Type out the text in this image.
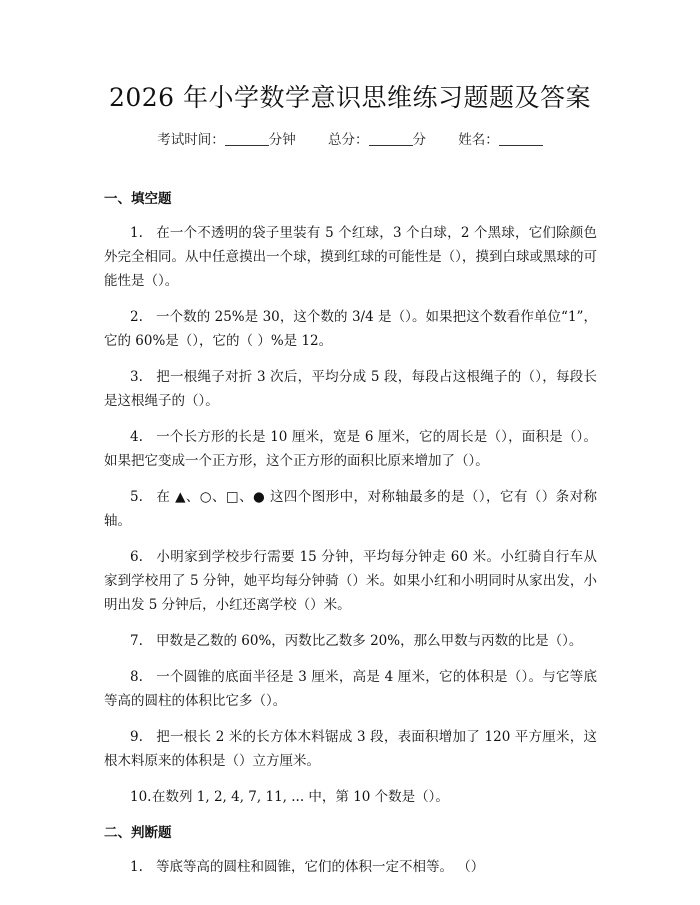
2026 年小学数学意识思维练习题题及答案
考试时间：	分钟 总分：	分 姓名：

一、填空题

1. 在一个不透明的袋子里装有 5 个红球，3 个白球，2 个黑球，它们除颜色外完全相同。从中任意摸出一个球，摸到红球的可能性是（），摸到白球或黑球的可能性是（）。

2. 一个数的 25%是 30，这个数的 3/4 是（）。如果把这个数看作单位“1”，它的 60%是（），它的（ ）%是 12。

3. 把一根绳子对折 3 次后，平均分成 5 段，每段占这根绳子的（），每段长是这根绳子的（）。

4. 一个长方形的长是 10 厘米，宽是 6 厘米，它的周长是（），面积是（）。如果把它变成一个正方形，这个正方形的面积比原来增加了（）。

5. 在 ▲、○、□、● 这四个图形中，对称轴最多的是（），它有（）条对称轴。

6. 小明家到学校步行需要 15 分钟，平均每分钟走 60 米。小红骑自行车从家到学校用了 5 分钟，她平均每分钟骑（）米。如果小红和小明同时从家出发，小明出发 5 分钟后，小红还离学校（）米。

7. 甲数是乙数的 60%，丙数比乙数多 20%，那么甲数与丙数的比是（）。

8. 一个圆锥的底面半径是 3 厘米，高是 4 厘米，它的体积是（）。与它等底等高的圆柱的体积比它多（）。

9. 把一根长 2 米的长方体木料锯成 3 段，表面积增加了 120 平方厘米，这根木料原来的体积是（）立方厘米。

10.在数列 1, 2, 4, 7, 11, ... 中，第 10 个数是（）。

二、判断题

1. 等底等高的圆柱和圆锥，它们的体积一定不相等。 （）
